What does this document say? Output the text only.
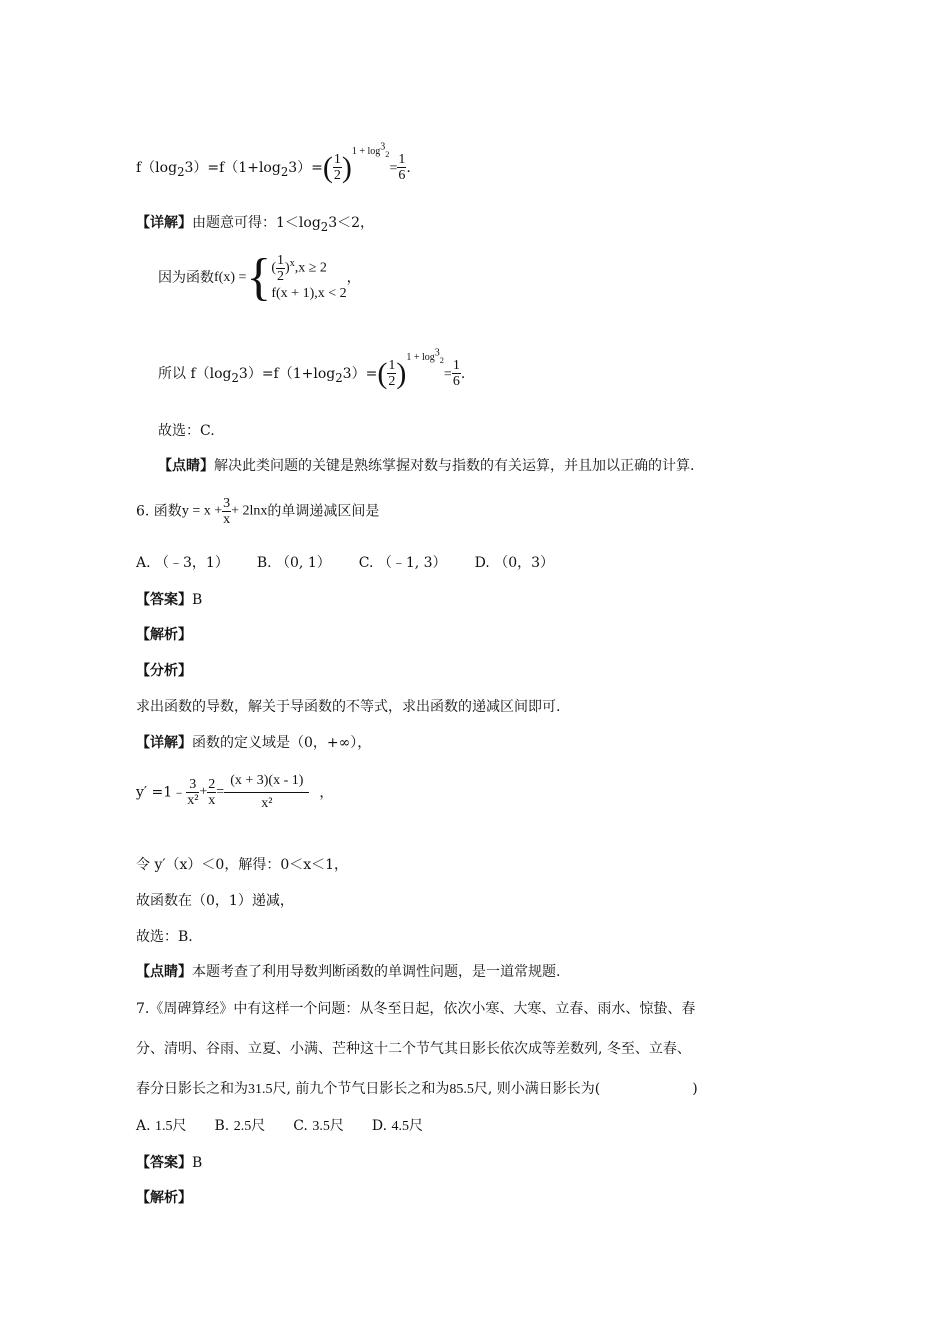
$f(\log_23)=f(1+\log_23)=( \frac{1}{2} )^{1 + log^3_2}= \frac{1}{6}$ .
【详解】由题意可得：$1<\log_23<2$，
因为函数f(x) ={ ( $\frac{1}{2} )^x,x \ge 2$
f(x + 1),x < 2
，
所以 $f(\log_23)=f(1+\log_23)=( \frac{1}{2} )^{1 + log^3_2}= \frac{1}{6}$ .
故选：C.
【点睛】解决此类问题的关键是熟练掌握对数与指数的有关运算，并且加以正确的计算.
6. 函数$y = x + \frac{3}{x} + 2\ln x$的单调递减区间是
A. （﹣3，1） B. （0, 1） C. （﹣1, 3） D. （0，3）
【答案】B
【解析】
【分析】
求出函数的导数，解关于导函数的不等式，求出函数的递减区间即可.
【详解】函数的定义域是（0，+∞），
y′ =1﹣ $\frac{3}{\text{x²}} + \frac{2}{x} = \frac{(x + 3)(x - 1)}{\text{x²}}$ ，
令 y′（x）＜0，解得：0＜x＜1，
故函数在（0，1）递减，
故选：B.
【点睛】本题考查了利用导数判断函数的单调性问题，是一道常规题.
7.《周碑算经》中有这样一个问题：从冬至日起，依次小寒、大寒、立春、雨水、惊蛰、春
分、清明、谷雨、立夏、小满、芒种这十二个节气其日影长依次成等差数列, 冬至、立春、
春分日影长之和为31.5尺, 前九个节气日影长之和为85.5尺, 则小满日影长为(	)
A. 1.5尺 B. 2.5尺 C. 3.5尺 D. 4.5尺
【答案】B
【解析】
